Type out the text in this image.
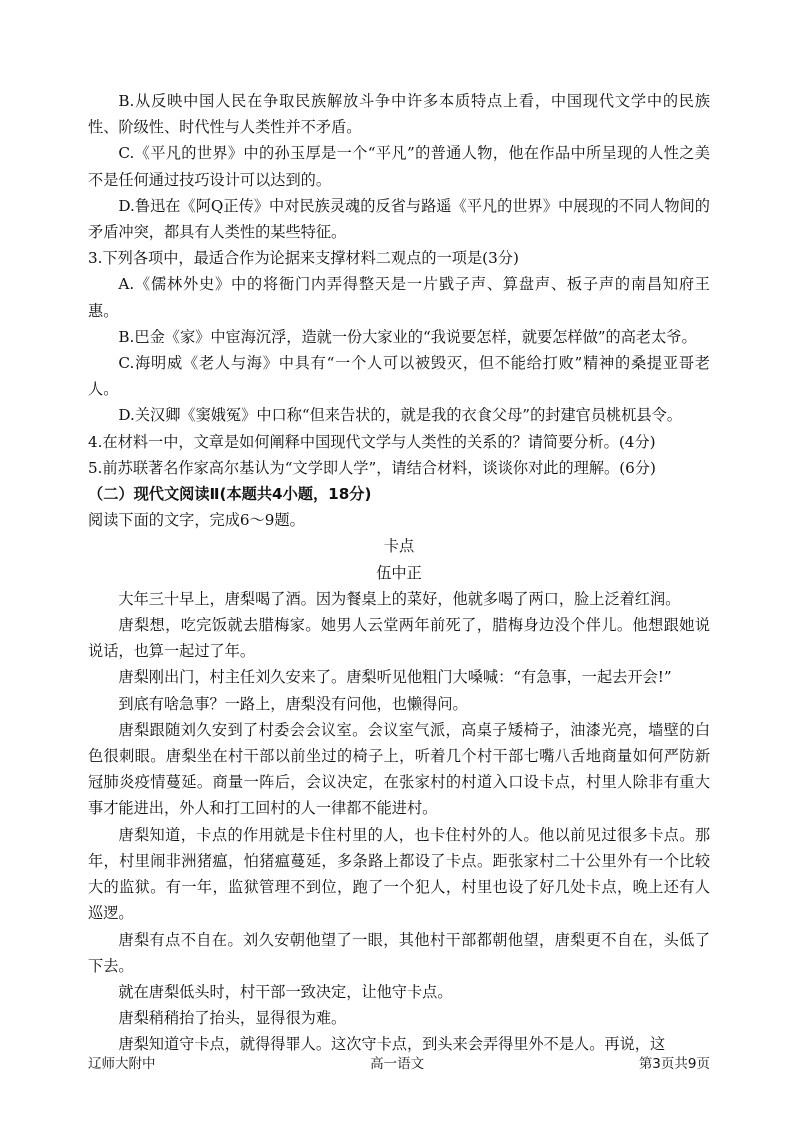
B.从反映中国人民在争取民族解放斗争中许多本质特点上看，中国现代文学中的民族性、阶级性、时代性与人类性并不矛盾。

C.《平凡的世界》中的孙玉厚是一个“平凡”的普通人物，他在作品中所呈现的人性之美不是任何通过技巧设计可以达到的。

D.鲁迅在《阿Q正传》中对民族灵魂的反省与路遥《平凡的世界》中展现的不同人物间的矛盾冲突，都具有人类性的某些特征。

3.下列各项中，最适合作为论据来支撑材料二观点的一项是(3分)

A.《儒林外史》中的将衙门内弄得整天是一片戥子声、算盘声、板子声的南昌知府王惠。

B.巴金《家》中宦海沉浮，造就一份大家业的“我说要怎样，就要怎样做”的高老太爷。

C.海明威《老人与海》中具有“一个人可以被毁灭，但不能给打败”精神的桑提亚哥老人。

D.关汉卿《窦娥冤》中口称“但来告状的，就是我的衣食父母”的封建官员桃杌县令。

4.在材料一中，文章是如何阐释中国现代文学与人类性的关系的？请简要分析。(4分)

5.前苏联著名作家高尔基认为“文学即人学”，请结合材料，谈谈你对此的理解。(6分)

（二）现代文阅读Ⅱ(本题共4小题，18分)

阅读下面的文字，完成6～9题。

卡点

伍中正

大年三十早上，唐梨喝了酒。因为餐桌上的菜好，他就多喝了两口，脸上泛着红润。

唐梨想，吃完饭就去腊梅家。她男人云堂两年前死了，腊梅身边没个伴儿。他想跟她说说话，也算一起过了年。

唐梨刚出门，村主任刘久安来了。唐梨听见他粗门大嗓喊：“有急事，一起去开会!”

到底有啥急事？一路上，唐梨没有问他，也懒得问。

唐梨跟随刘久安到了村委会会议室。会议室气派，高桌子矮椅子，油漆光亮，墙壁的白色很刺眼。唐梨坐在村干部以前坐过的椅子上，听着几个村干部七嘴八舌地商量如何严防新冠肺炎疫情蔓延。商量一阵后，会议决定，在张家村的村道入口设卡点，村里人除非有重大事才能进出，外人和打工回村的人一律都不能进村。

唐梨知道，卡点的作用就是卡住村里的人，也卡住村外的人。他以前见过很多卡点。那年，村里闹非洲猪瘟，怕猪瘟蔓延，多条路上都设了卡点。距张家村二十公里外有一个比较大的监狱。有一年，监狱管理不到位，跑了一个犯人，村里也设了好几处卡点，晚上还有人巡逻。

唐梨有点不自在。刘久安朝他望了一眼，其他村干部都朝他望，唐梨更不自在，头低了下去。

就在唐梨低头时，村干部一致决定，让他守卡点。

唐梨稍稍抬了抬头，显得很为难。

唐梨知道守卡点，就得得罪人。这次守卡点，到头来会弄得里外不是人。再说，这

辽师大附中	高一语文	第3页共9页
